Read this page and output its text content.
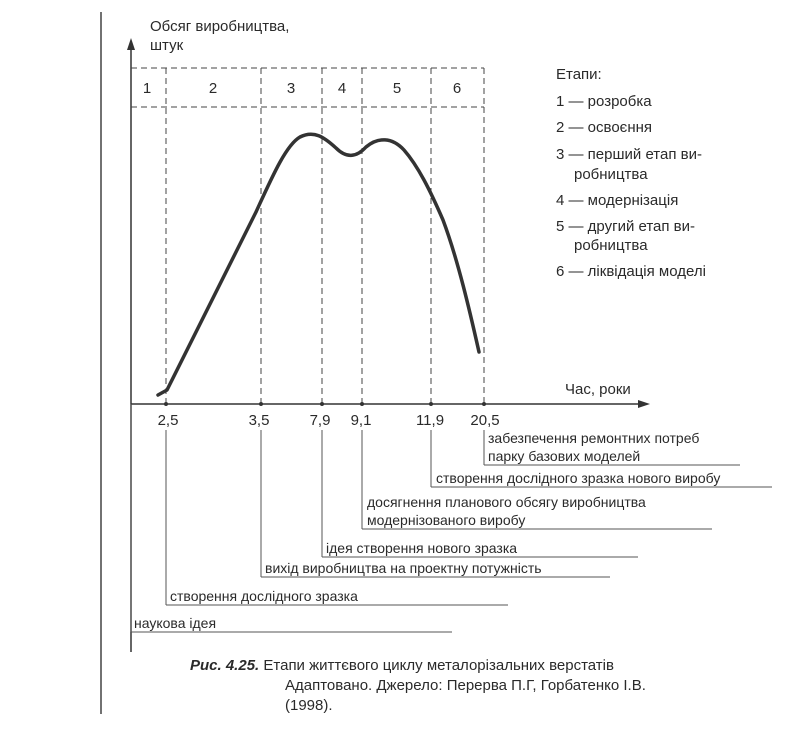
Обсяг виробництва,
штук
Час, роки
1	2	3	4	5	6
2,5	3,5	7,9 9,1	11,9 20,5
забезпечення ремонтних потреб
парку базових моделей
створення дослідного зразка нового виробу
досягнення планового обсягу виробництва
модернізованого виробу
ідея створення нового зразка
вихід виробництва на проектну потужність
створення дослідного зразка
наукова ідея
Етапи:
1 — розробка
2 — освоєння
3 — перший етап ви-
робництва
4 — модернізація
5 — другий етап ви-
робництва
6 — ліквідація моделі
Рис. 4.25. Етапи життєвого циклу металорізальних верстатів
Адаптовано. Джерело: Перерва П.Г, Горбатенко І.В.
(1998).
